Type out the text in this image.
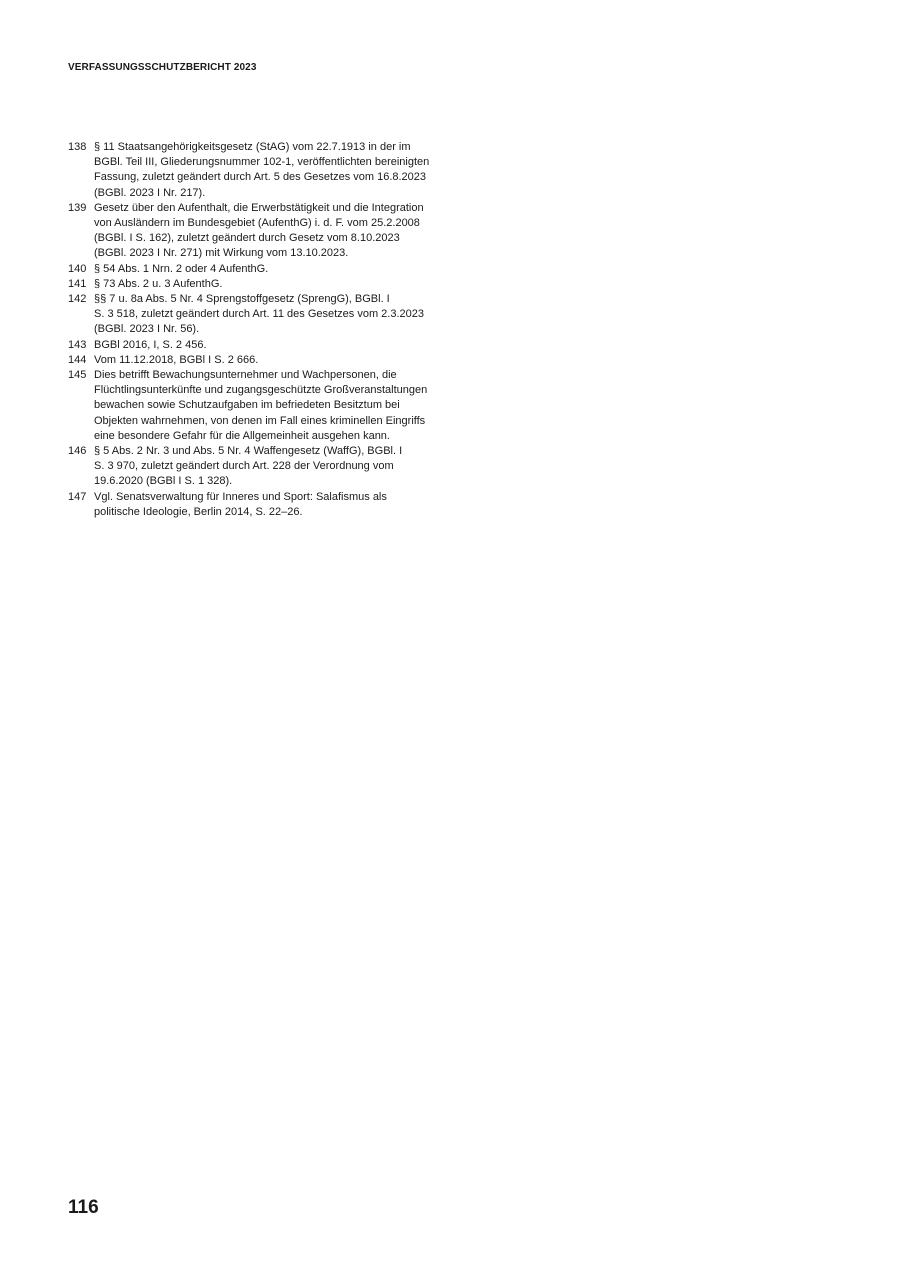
VERFASSUNGSSCHUTZBERICHT 2023
138 § 11 Staatsangehörigkeitsgesetz (StAG) vom 22.7.1913 in der im
BGBl. Teil III, Gliederungsnummer 102-1, veröffentlichten bereinigten
Fassung, zuletzt geändert durch Art. 5 des Gesetzes vom 16.8.2023
(BGBl. 2023 I Nr. 217).
139 Gesetz über den Aufenthalt, die Erwerbstätigkeit und die Integration
von Ausländern im Bundesgebiet (AufenthG) i. d. F. vom 25.2.2008
(BGBl. I S. 162), zuletzt geändert durch Gesetz vom 8.10.2023
(BGBl. 2023 I Nr. 271) mit Wirkung vom 13.10.2023.
140 § 54 Abs. 1 Nrn. 2 oder 4 AufenthG.
141 § 73 Abs. 2 u. 3 AufenthG.
142 §§ 7 u. 8a Abs. 5 Nr. 4 Sprengstoffgesetz (SprengG), BGBl. I
S. 3 518, zuletzt geändert durch Art. 11 des Gesetzes vom 2.3.2023
(BGBl. 2023 I Nr. 56).
143 BGBl 2016, I, S. 2 456.
144 Vom 11.12.2018, BGBl I S. 2 666.
145 Dies betrifft Bewachungsunternehmer und Wachpersonen, die
Flüchtlingsunterkünfte und zugangsgeschützte Großveranstaltungen
bewachen sowie Schutzaufgaben im befriedeten Besitztum bei
Objekten wahrnehmen, von denen im Fall eines kriminellen Eingriffs
eine besondere Gefahr für die Allgemeinheit ausgehen kann.
146 § 5 Abs. 2 Nr. 3 und Abs. 5 Nr. 4 Waffengesetz (WaffG), BGBl. I
S. 3 970, zuletzt geändert durch Art. 228 der Verordnung vom
19.6.2020 (BGBl I S. 1 328).
147 Vgl. Senatsverwaltung für Inneres und Sport: Salafismus als
politische Ideologie, Berlin 2014, S. 22–26.
116
